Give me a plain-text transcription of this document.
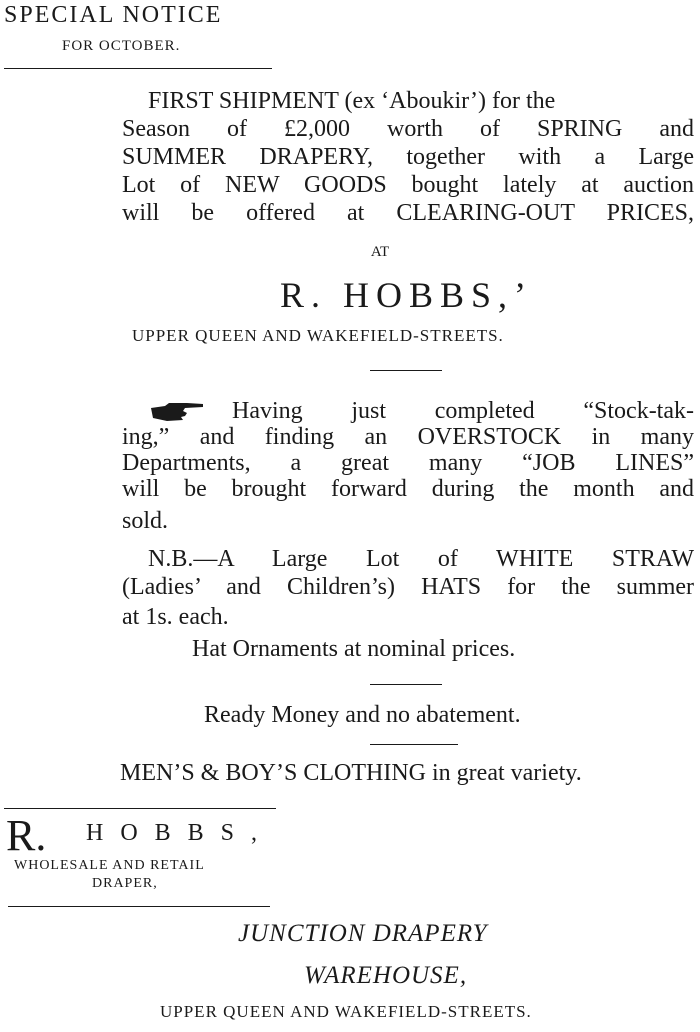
SPECIAL NOTICE
FOR OCTOBER.
FIRST SHIPMENT (ex ‘Aboukir’) for the
Season of £2,000 worth of SPRING and
SUMMER DRAPERY, together with a Large
Lot of NEW GOODS bought lately at auction
will be offered at CLEARING-OUT PRICES,
AT
R. HOBBS,’
UPPER QUEEN AND WAKEFIELD-STREETS.
Having just completed “Stock-tak-
ing,” and finding an OVERSTOCK in many
Departments, a great many “JOB LINES”
will be brought forward during the month and
sold.
N.B.—A Large Lot of WHITE STRAW
(Ladies’ and Children’s) HATS for the summer
at 1s. each.
Hat Ornaments at nominal prices.
Ready Money and no abatement.
MEN’S & BOY’S CLOTHING in great variety.
R. HOBBS,
WHOLESALE AND RETAIL
DRAPER,
JUNCTION DRAPERY
WAREHOUSE,
UPPER QUEEN AND WAKEFIELD-STREETS.
